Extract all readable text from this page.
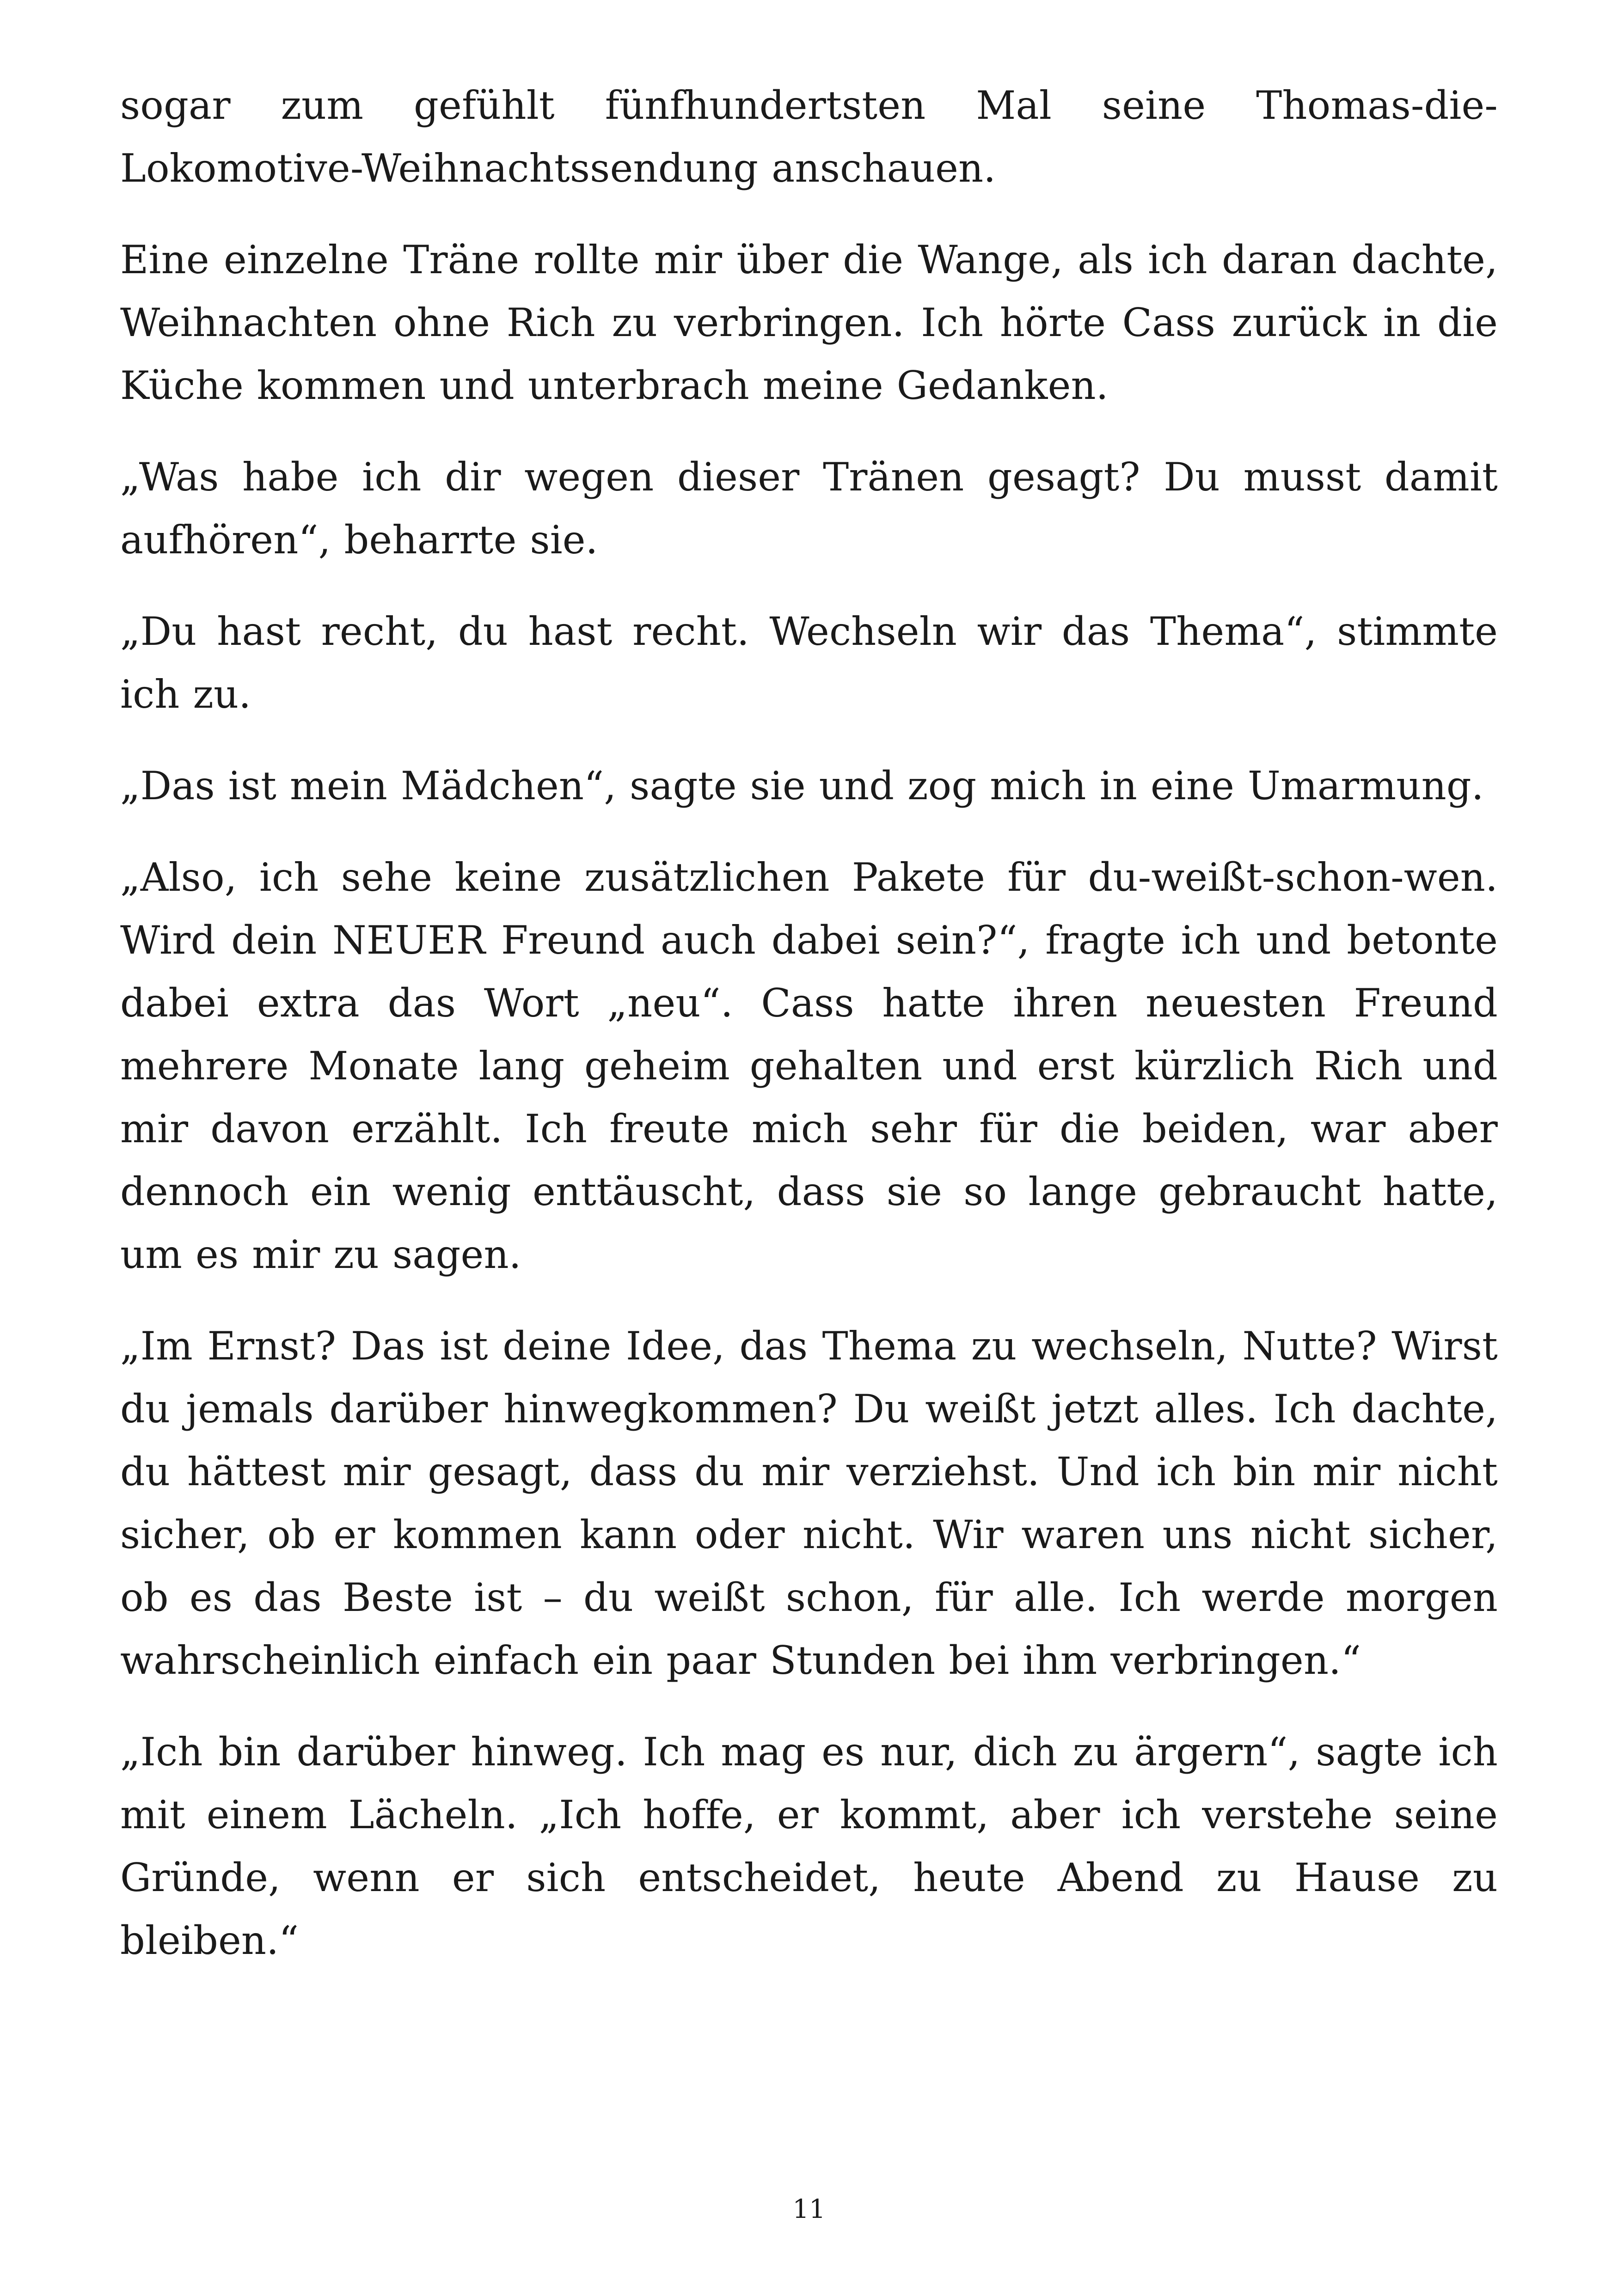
sogar zum gefühlt fünfhundertsten Mal seine Thomas-die-Lokomotive-Weihnachtssendung anschauen.

Eine einzelne Träne rollte mir über die Wange, als ich daran dachte, Weihnachten ohne Rich zu verbringen. Ich hörte Cass zurück in die Küche kommen und unterbrach meine Gedanken.

„Was habe ich dir wegen dieser Tränen gesagt? Du musst damit aufhören“, beharrte sie.

„Du hast recht, du hast recht. Wechseln wir das Thema“, stimmte ich zu.

„Das ist mein Mädchen“, sagte sie und zog mich in eine Umarmung.

„Also, ich sehe keine zusätzlichen Pakete für du-weißt-schon-wen. Wird dein NEUER Freund auch dabei sein?“, fragte ich und betonte dabei extra das Wort „neu“. Cass hatte ihren neuesten Freund mehrere Monate lang geheim gehalten und erst kürzlich Rich und mir davon erzählt. Ich freute mich sehr für die beiden, war aber dennoch ein wenig enttäuscht, dass sie so lange gebraucht hatte, um es mir zu sagen.

„Im Ernst? Das ist deine Idee, das Thema zu wechseln, Nutte? Wirst du jemals darüber hinwegkommen? Du weißt jetzt alles. Ich dachte, du hättest mir gesagt, dass du mir verziehst. Und ich bin mir nicht sicher, ob er kommen kann oder nicht. Wir waren uns nicht sicher, ob es das Beste ist – du weißt schon, für alle. Ich werde morgen wahrscheinlich einfach ein paar Stunden bei ihm verbringen.“

„Ich bin darüber hinweg. Ich mag es nur, dich zu ärgern“, sagte ich mit einem Lächeln. „Ich hoffe, er kommt, aber ich verstehe seine Gründe, wenn er sich entscheidet, heute Abend zu Hause zu bleiben.“

11
